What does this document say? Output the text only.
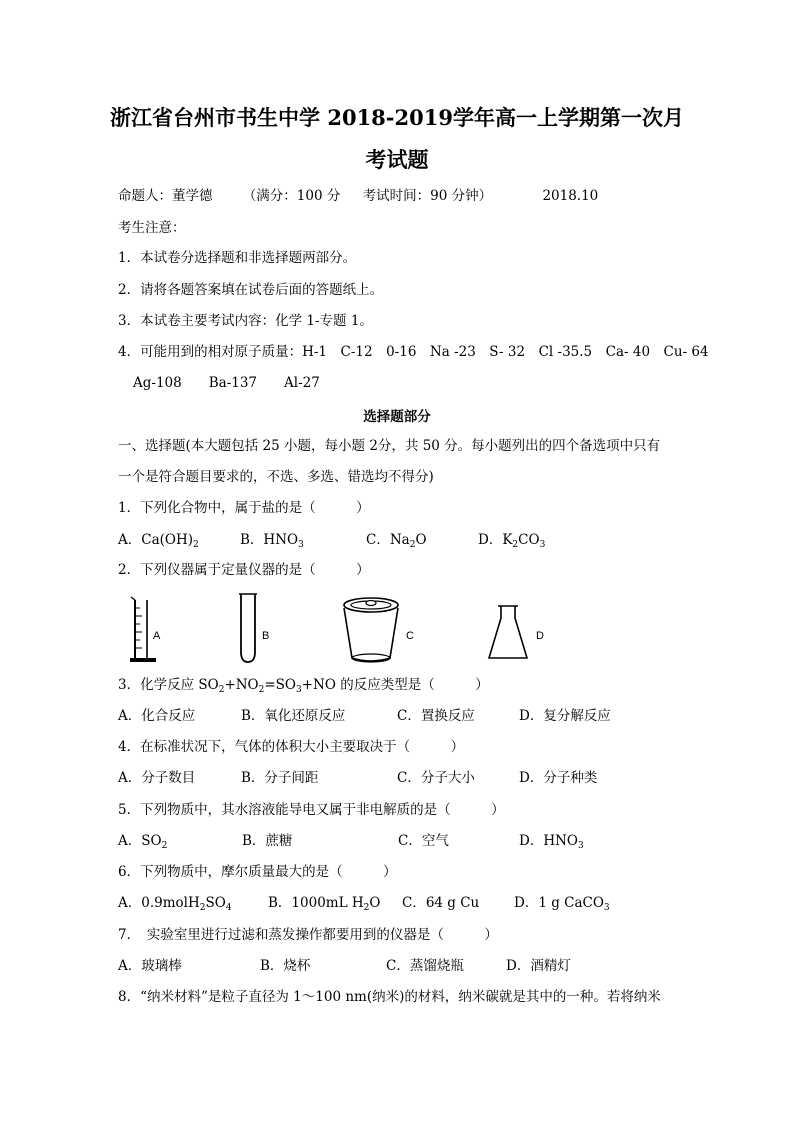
浙江省台州市书生中学 2018-2019学年高一上学期第一次月
考试题
命题人：董学德 （满分：100 分 考试时间：90 分钟）	2018.10
考生注意：
1．本试卷分选择题和非选择题两部分。
2．请将各题答案填在试卷后面的答题纸上。
3．本试卷主要考试内容：化学 1-专题 1。
4．可能用到的相对原子质量：H-1　C-12　0-16　Na -23　S- 32　Cl -35.5　Ca- 40　Cu- 64
Ag-108　　Ba-137　　Al-27
选择题部分
一、选择题(本大题包括 25 小题，每小题 2分，共 50 分。每小题列出的四个备选项中只有
一个是符合题目要求的，不选、多选、错选均不得分)
1．下列化合物中，属于盐的是（　　　）
A．$Ca(OH)_2$	B．$HNO_3$	C．$Na_2O$	D．$K_2CO_3$
2．下列仪器属于定量仪器的是（　　　）
A	B	C	D
3．化学反应 $SO_2+NO_2=SO_3+NO$ 的反应类型是（　　　）
A．化合反应	B．氧化还原反应	C．置换反应	D．复分解反应
4．在标准状况下，气体的体积大小主要取决于（　　　）
A．分子数目	B．分子间距	C．分子大小	D．分子种类
5．下列物质中，其水溶液能导电又属于非电解质的是（　　　）
A．$SO_2$	B．蔗糖	C．空气	D．$HNO_3$
6．下列物质中，摩尔质量最大的是（　　　）
A．$0.9molH_2SO_4$	B．1000mL $H_2O$ C．64 g Cu	D．1 g CaCO$_3$
7．　实验室里进行过滤和蒸发操作都要用到的仪器是（　　　）
A．玻璃棒	B．烧杯	C．蒸馏烧瓶	D．酒精灯
8．“纳米材料”是粒子直径为 1～100 nm(纳米)的材料，纳米碳就是其中的一种。若将纳米
